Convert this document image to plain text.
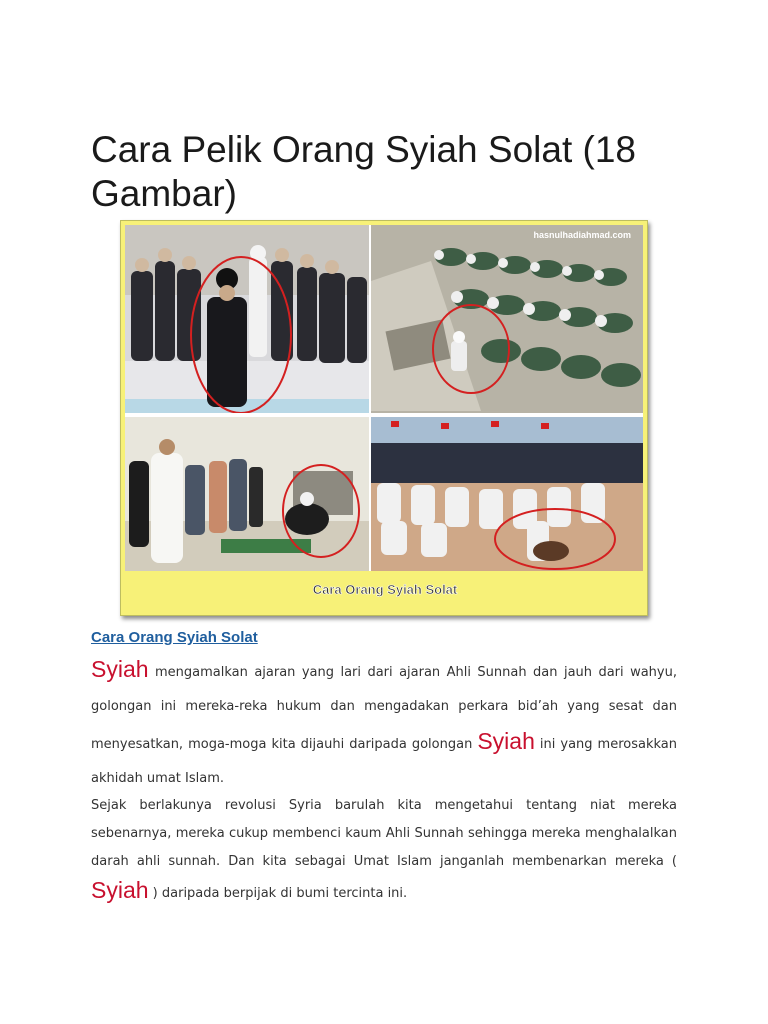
Cara Pelik Orang Syiah Solat (18 Gambar)
Cara Orang Syiah Solat
hasnulhadiahmad.com
Cara Orang Syiah Solat

Syiah mengamalkan ajaran yang lari dari ajaran Ahli Sunnah dan jauh dari wahyu, golongan ini mereka-reka hukum dan mengadakan perkara bid’ah yang sesat dan menyesatkan, moga-moga kita dijauhi daripada golongan Syiah ini yang merosakkan akhidah umat Islam.

Sejak berlakunya revolusi Syria barulah kita mengetahui tentang niat mereka sebenarnya, mereka cukup membenci kaum Ahli Sunnah sehingga mereka menghalalkan darah ahli sunnah. Dan kita sebagai Umat Islam janganlah membenarkan mereka ( Syiah ) daripada berpijak di bumi tercinta ini.
